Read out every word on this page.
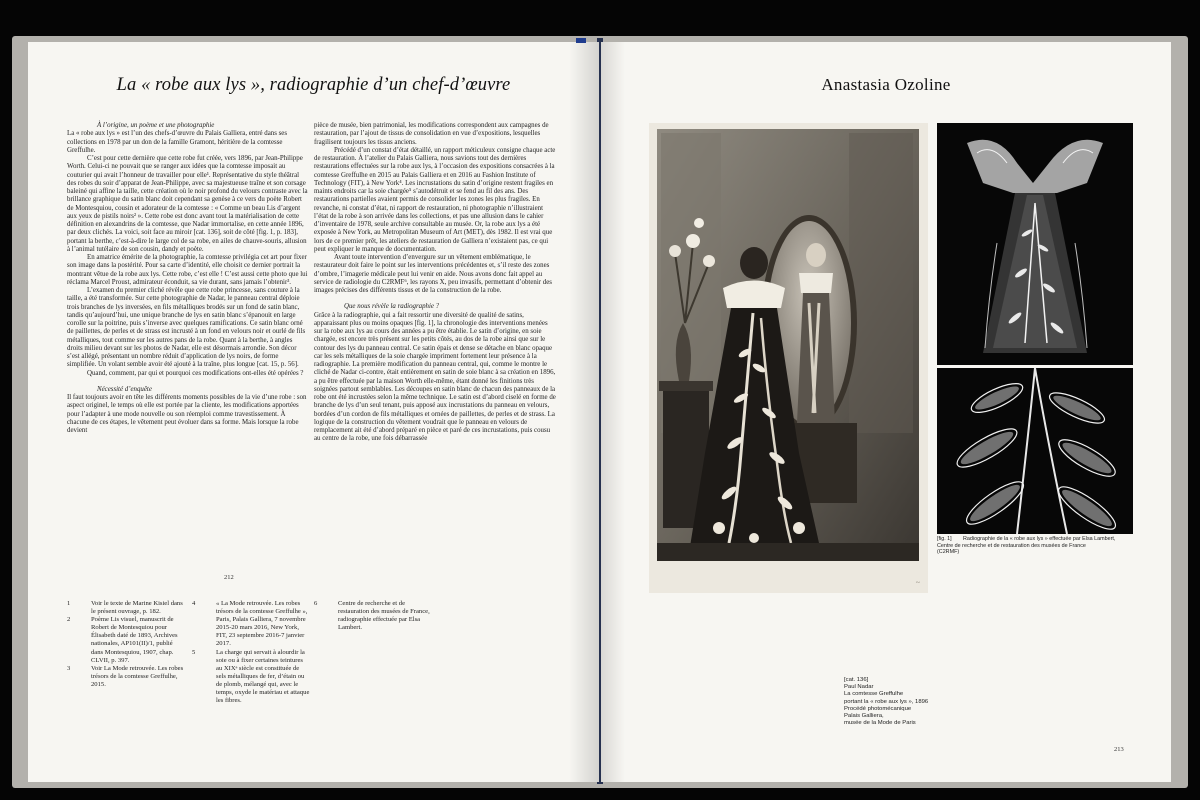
La « robe aux lys », radiographie d’un chef-d’œuvre

À l’origine, un poème et une photographie

La « robe aux lys » est l’un des chefs-d’œuvre du Palais Galliera, entré dans ses collections en 1978 par un don de la famille Gramont, héritière de la comtesse Greffulhe.

C’est pour cette dernière que cette robe fut créée, vers 1896, par Jean-Philippe Worth. Celui-ci ne pouvait que se ranger aux idées que la comtesse imposait au couturier qui avait l’honneur de travailler pour elle¹. Représentative du style théâtral des robes du soir d’apparat de Jean-Philippe, avec sa majestueuse traîne et son corsage baleiné qui affine la taille, cette création où le noir profond du velours contraste avec la brillance graphique du satin blanc doit cependant sa genèse à ce vers du poète Robert de Montesquiou, cousin et adorateur de la comtesse : « Comme un beau Lis d’argent aux yeux de pistils noirs² ». Cette robe est donc avant tout la matérialisation de cette définition en alexandrins de la comtesse, que Nadar immortalise, en cette année 1896, par deux clichés. La voici, soit face au miroir [cat. 136], soit de côté [fig. 1, p. 183], portant la berthe, c’est-à-dire le large col de sa robe, en ailes de chauve-souris, allusion à l’animal tutélaire de son cousin, dandy et poète.

En amatrice émérite de la photographie, la comtesse privilégia cet art pour fixer son image dans la postérité. Pour sa carte d’identité, elle choisit ce dernier portrait la montrant vêtue de la robe aux lys. Cette robe, c’est elle ! C’est aussi cette photo que lui réclama Marcel Proust, admirateur éconduit, sa vie durant, sans jamais l’obtenir³.

L’examen du premier cliché révèle que cette robe princesse, sans couture à la taille, a été transformée. Sur cette photographie de Nadar, le panneau central déploie trois branches de lys inversées, en fils métalliques brodés sur un fond de satin blanc, tandis qu’aujourd’hui, une unique branche de lys en satin blanc s’épanouit en large corolle sur la poitrine, puis s’inverse avec quelques ramifications. Ce satin blanc orné de paillettes, de perles et de strass est incrusté à un fond en velours noir et ourlé de fils métalliques, tout comme sur les autres pans de la robe. Quant à la berthe, à angles droits milieu devant sur les photos de Nadar, elle est désormais arrondie. Son décor s’est allégé, présentant un nombre réduit d’application de lys noirs, de forme simplifiée. Un volant semble avoir été ajouté à la traîne, plus longue [cat. 15, p. 56].

Quand, comment, par qui et pourquoi ces modifications ont-elles été opérées ?

Nécessité d’enquête

Il faut toujours avoir en tête les différents moments possibles de la vie d’une robe : son aspect originel, le temps où elle est portée par la cliente, les modifications apportées pour l’adapter à une mode nouvelle ou son réemploi comme travestissement. À chacune de ces étapes, le vêtement peut évoluer dans sa forme. Mais lorsque la robe devient

pièce de musée, bien patrimonial, les modifications correspondent aux campagnes de restauration, par l’ajout de tissus de consolidation en vue d’expositions, lesquelles fragilisent toujours les tissus anciens.

Précédé d’un constat d’état détaillé, un rapport méticuleux consigne chaque acte de restauration. À l’atelier du Palais Galliera, nous savions tout des dernières restaurations effectuées sur la robe aux lys, à l’occasion des expositions consacrées à la comtesse Greffulhe en 2015 au Palais Galliera et en 2016 au Fashion Institute of Technology (FIT), à New York⁴. Les incrustations du satin d’origine restent fragiles en maints endroits car la soie chargée⁵ s’autodétruit et se fend au fil des ans. Des restaurations partielles avaient permis de consolider les zones les plus fragiles. En revanche, ni constat d’état, ni rapport de restauration, ni photographie n’illustraient l’état de la robe à son arrivée dans les collections, et pas une allusion dans le cahier d’inventaire de 1978, seule archive consultable au musée. Or, la robe aux lys a été exposée à New York, au Metropolitan Museum of Art (MET), dès 1982. Il est vrai que lors de ce premier prêt, les ateliers de restauration de Galliera n’existaient pas, ce qui peut expliquer le manque de documentation.

Avant toute intervention d’envergure sur un vêtement emblématique, le restaurateur doit faire le point sur les interventions précédentes et, s’il reste des zones d’ombre, l’imagerie médicale peut lui venir en aide. Nous avons donc fait appel au service de radiologie du C2RMF⁶, les rayons X, peu invasifs, permettant d’obtenir des images précises des différents tissus et de la construction de la robe.

Que nous révèle la radiographie ?

Grâce à la radiographie, qui a fait ressortir une diversité de qualité de satins, apparaissant plus ou moins opaques [fig. 1], la chronologie des interventions menées sur la robe aux lys au cours des années a pu être établie. Le satin d’origine, en soie chargée, est encore très présent sur les petits côtés, au dos de la robe ainsi que sur le contour des lys du panneau central. Ce satin épais et dense se détache en blanc opaque car les sels métalliques de la soie chargée impriment fortement leur présence à la radiographie. La première modification du panneau central, qui, comme le montre le cliché de Nadar ci-contre, était entièrement en satin de soie blanc à sa création en 1896, a pu être effectuée par la maison Worth elle-même, étant donné les finitions très soignées partout semblables. Les découpes en satin blanc de chacun des panneaux de la robe ont été incrustées selon la même technique. Le satin est d’abord ciselé en forme de branche de lys d’un seul tenant, puis apposé aux incrustations du panneau en velours, bordées d’un cordon de fils métalliques et ornées de paillettes, de perles et de strass. La logique de la construction du vêtement voudrait que le panneau en velours de remplacement ait été d’abord préparé en pièce et paré de ces incrustations, puis cousu au centre de la robe, une fois débarrassée

212
1	Voir le texte de Marine Kisiel dans le présent ouvrage, p. 182.
2	Poème Lis visuel, manuscrit de Robert de Montesquiou pour Élisabeth daté de 1893, Archives nationales, AP101(II)/1, publié dans Montesquiou, 1907, chap. CLVII, p. 397.
3	Voir La Mode retrouvée. Les robes trésors de la comtesse Greffulhe, 2015.
4	« La Mode retrouvée. Les robes trésors de la comtesse Greffulhe », Paris, Palais Galliera, 7 novembre 2015-20 mars 2016, New York, FIT, 23 septembre 2016-7 janvier 2017.
5	La charge qui servait à alourdir la soie ou à fixer certaines teintures au XIXᵉ siècle est constituée de sels métalliques de fer, d’étain ou de plomb, mélangé qui, avec le temps, oxyde le matériau et attaque les fibres.
6	Centre de recherche et de restauration des musées de France, radiographie effectuée par Elsa Lambert.
Anastasia Ozoline
~
[fig. 1] Radiographie de la « robe aux lys » effectuée par Elsa Lambert,
Centre de recherche et de restauration des musées de France
(C2RMF)
[cat. 136]
Paul Nadar
La comtesse Greffulhe
portant la « robe aux lys », 1896
Procédé photomécanique
Palais Galliera,
musée de la Mode de Paris
213
